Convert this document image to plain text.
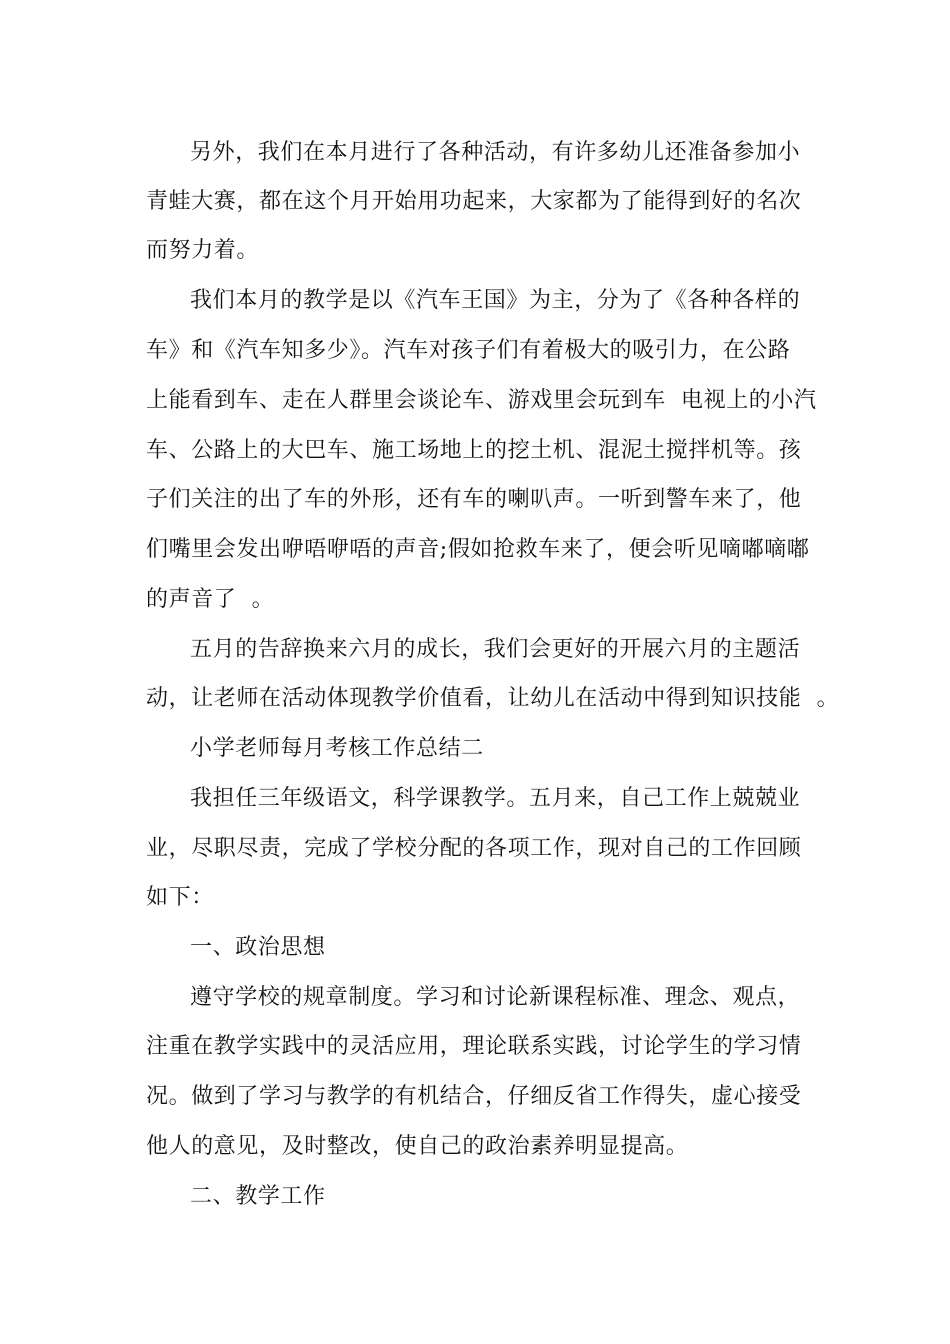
另外，我们在本月进行了各种活动，有许多幼儿还准备参加小
青蛙大赛，都在这个月开始用功起来，大家都为了能得到好的名次
而努力着。
我们本月的教学是以《汽车王国》为主，分为了《各种各样的
车》和《汽车知多少》。汽车对孩子们有着极大的吸引力，在公路
上能看到车、走在人群里会谈论车、游戏里会玩到车  电视上的小汽
车、公路上的大巴车、施工场地上的挖土机、混泥土搅拌机等。孩
子们关注的出了车的外形，还有车的喇叭声。一听到警车来了，他
们嘴里会发出咿唔咿唔的声音;假如抢救车来了，便会听见嘀嘟嘀嘟
的声音了  。
五月的告辞换来六月的成长，我们会更好的开展六月的主题活
动，让老师在活动体现教学价值看，让幼儿在活动中得到知识技能  。
小学老师每月考核工作总结二
我担任三年级语文，科学课教学。五月来，自己工作上兢兢业
业，尽职尽责，完成了学校分配的各项工作，现对自己的工作回顾
如下：
一、政治思想
遵守学校的规章制度。学习和讨论新课程标准、理念、观点，
注重在教学实践中的灵活应用，理论联系实践，讨论学生的学习情
况。做到了学习与教学的有机结合，仔细反省工作得失，虚心接受
他人的意见，及时整改，使自己的政治素养明显提高。
二、教学工作
